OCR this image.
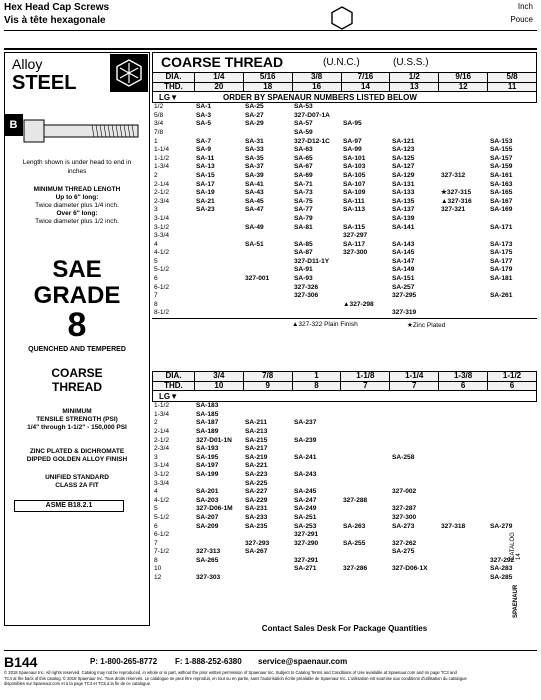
Hex Head Cap Screws
Vis à tête hexagonale
Inch
Pouce
B
Alloy
STEEL
Length shown is under head to end in inches
MINIMUM THREAD LENGTH
Up to 6" long:
Twice diameter plus 1/4 inch.
Over 6" long:
Twice diameter plus 1/2 inch.
SAE
GRADE
8
QUENCHED AND TEMPERED
COARSE
THREAD
MINIMUM
TENSILE STRENGTH (PSI)
1/4" through 1-1/2" - 150,000 PSI
ZINC PLATED & DICHROMATE
DIPPED GOLDEN ALLOY FINISH
UNIFIED STANDARD
CLASS 2A FIT
ASME B18.2.1
COARSE THREAD	(U.N.C.)	(U.S.S.)
DIA.	1/4	5/16	3/8	7/16	1/2	9/16	5/8
THD.	20	18	16	14	13	12	11
LG▼	ORDER BY SPAENAUR NUMBERS LISTED BELOW
1/2	SA-1	SA-25	SA-53				
5/8	SA-3	SA-27	327-D07-1A				
3/4	SA-5	SA-29	SA-57	SA-95			
7/8			SA-59				
1	SA-7	SA-31	327-D12-1C	SA-97	SA-121		SA-153
1-1/4	SA-9	SA-33	SA-63	SA-99	SA-123		SA-155
1-1/2	SA-11	SA-35	SA-65	SA-101	SA-125		SA-157
1-3/4	SA-13	SA-37	SA-67	SA-103	SA-127		SA-159
2	SA-15	SA-39	SA-69	SA-105	SA-129	327-312	SA-161
2-1/4	SA-17	SA-41	SA-71	SA-107	SA-131		SA-163
2-1/2	SA-19	SA-43	SA-73	SA-109	SA-133	★327-315	SA-165
2-3/4	SA-21	SA-45	SA-75	SA-111	SA-135	▲327-316	SA-167
3	SA-23	SA-47	SA-77	SA-113	SA-137	327-321	SA-169
3-1/4			SA-79		SA-139		
3-1/2		SA-49	SA-81	SA-115	SA-141		SA-171
3-3/4				327-297			
4		SA-51	SA-85	SA-117	SA-143		SA-173
4-1/2			SA-87	327-300	SA-145		SA-175
5			327-D11-1Y		SA-147		SA-177
5-1/2			SA-91		SA-149		SA-179
6		327-001	SA-93		SA-151		SA-181
6-1/2			327-326		SA-257		
7			327-306		327-295		SA-261
8				▲327-298			
8-1/2					327-319		
▲327-322 Plain Finish	★Zinc Plated
DIA.	3/4	7/8	1	1-1/8	1-1/4	1-3/8	1-1/2
THD.	10	9	8	7	7	6	6
LG▼
1-1/2	SA-183						
1-3/4	SA-185						
2	SA-187	SA-211	SA-237				
2-1/4	SA-189	SA-213					
2-1/2	327-D01-1N	SA-215	SA-239				
2-3/4	SA-193	SA-217					
3	SA-195	SA-219	SA-241		SA-258		
3-1/4	SA-197	SA-221					
3-1/2	SA-199	SA-223	SA-243				
3-3/4		SA-225					
4	SA-201	SA-227	SA-245		327-002		
4-1/2	SA-203	SA-229	SA-247	327-288			
5	327-D06-1M	SA-231	SA-249		327-287		
5-1/2	SA-207	SA-233	SA-251		327-300		
6	SA-209	SA-235	SA-253	SA-263	SA-273	327-318	SA-279
6-1/2			327-291				
7		327-293	327-290	SA-255	327-262		
7-1/2	327-313	SA-267			SA-275		
8	SA-265		327-291				327-292
10			SA-271	327-286	327-D06-1X		SA-283
12	327-303						SA-285
Contact Sales Desk For Package Quantities
CATALOG 14
SPAENAUR
B144	P: 1-800-265-8772 F: 1-888-252-6380 service@spaenaur.com
© 2018 Spaenaur Inc. All rights reserved. Catalog may not be reproduced, in whole or in part, without the prior written permission of Spaenaur Inc. Subject to Catalog Terms and Conditions of Use available at Spaenaur.com and on page TC3 and
TC4 at the back of this catalog. © 2018 Spaenaur Inc. Tous droits réservés. Le catalogue ne peut être reproduit, en tout ou en partie, sans l'autorisation écrite préalable de Spaenaur Inc. L'utilisation est soumise aux conditions d'utilisation du catalogue
disponibles sur Spaenaur.com et à la page TC4 et TC5 à la fin de ce catalogue.
